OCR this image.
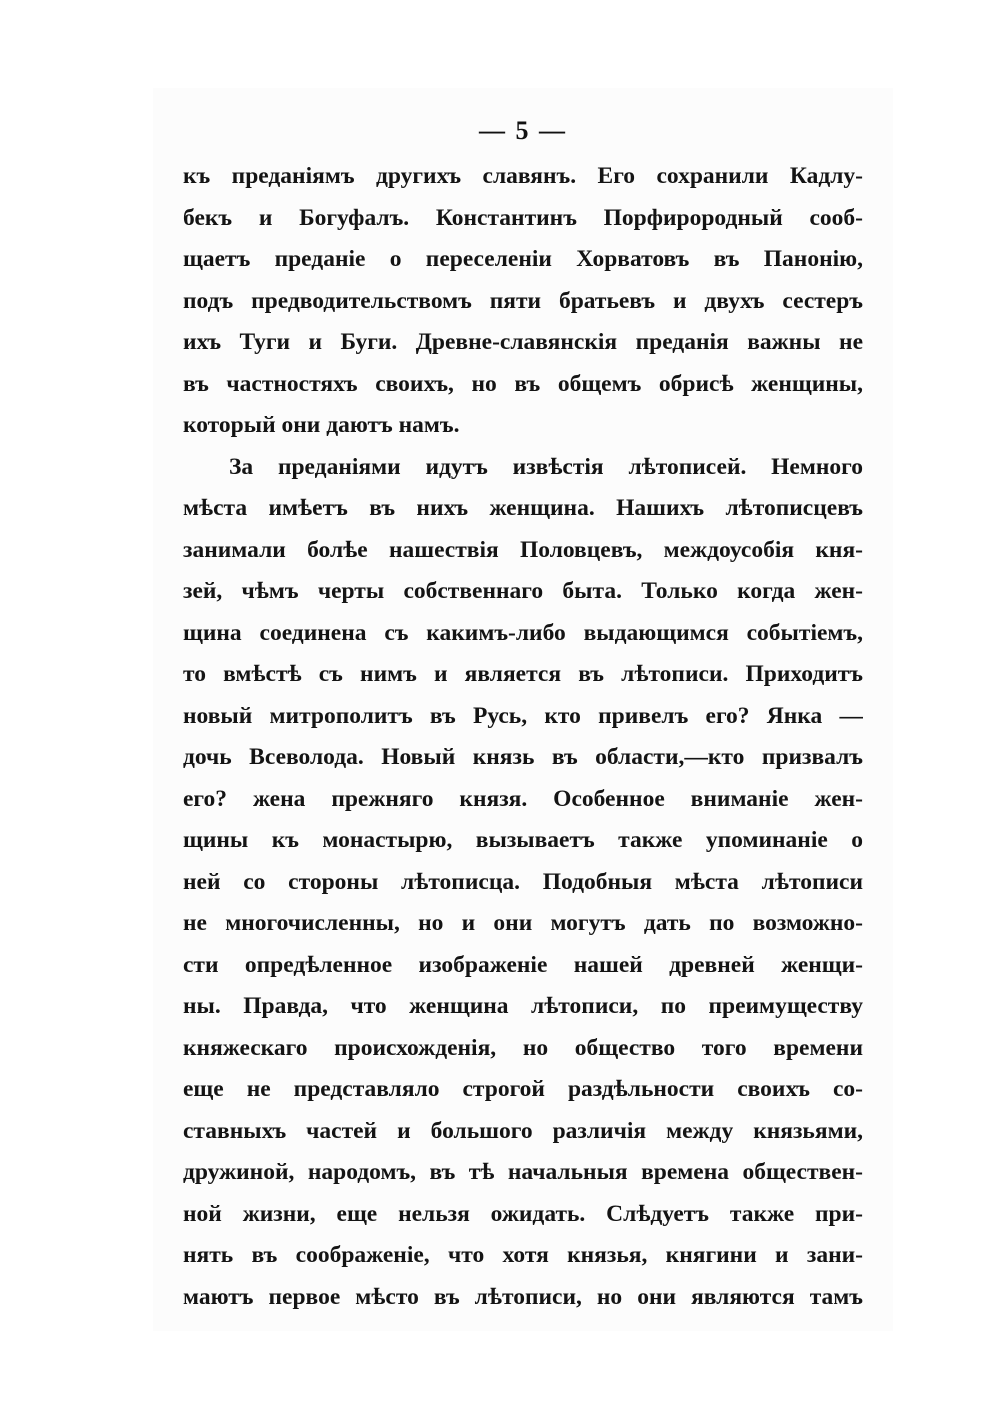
— 5 —
къ преданіямъ другихъ славянъ. Его сохранили Кадлу-
бекъ и Богуфалъ. Константинъ Порфирородный сооб-
щаетъ преданіе о переселеніи Хорватовъ въ Панонію,
подъ предводительствомъ пяти братьевъ и двухъ сестеръ
ихъ Туги и Буги. Древне-славянскія преданія важны не
въ частностяхъ своихъ, но въ общемъ обрисѣ женщины,
который они даютъ намъ.
За преданіями идутъ извѣстія лѣтописей. Немного
мѣста имѣетъ въ нихъ женщина. Нашихъ лѣтописцевъ
занимали болѣе нашествія Половцевъ, междоусобія кня-
зей, чѣмъ черты собственнаго быта. Только когда жен-
щина соединена съ какимъ-либо выдающимся событіемъ,
то вмѣстѣ съ нимъ и является въ лѣтописи. Приходитъ
новый митрополитъ въ Русь, кто привелъ его? Янка —
дочь Всеволода. Новый князь въ области,—кто призвалъ
его? жена прежняго князя. Особенное вниманіе жен-
щины къ монастырю, вызываетъ также упоминаніе о
ней со стороны лѣтописца. Подобныя мѣста лѣтописи
не многочисленны, но и они могутъ дать по возможно-
сти опредѣленное изображеніе нашей древней женщи-
ны. Правда, что женщина лѣтописи, по преимуществу
княжескаго происхожденія, но общество того времени
еще не представляло строгой раздѣльности своихъ со-
ставныхъ частей и большого различія между князьями,
дружиной, народомъ, въ тѣ начальныя времена обществен-
ной жизни, еще нельзя ожидать. Слѣдуетъ также при-
нять въ соображеніе, что хотя князья, княгини и зани-
маютъ первое мѣсто въ лѣтописи, но они являются тамъ
